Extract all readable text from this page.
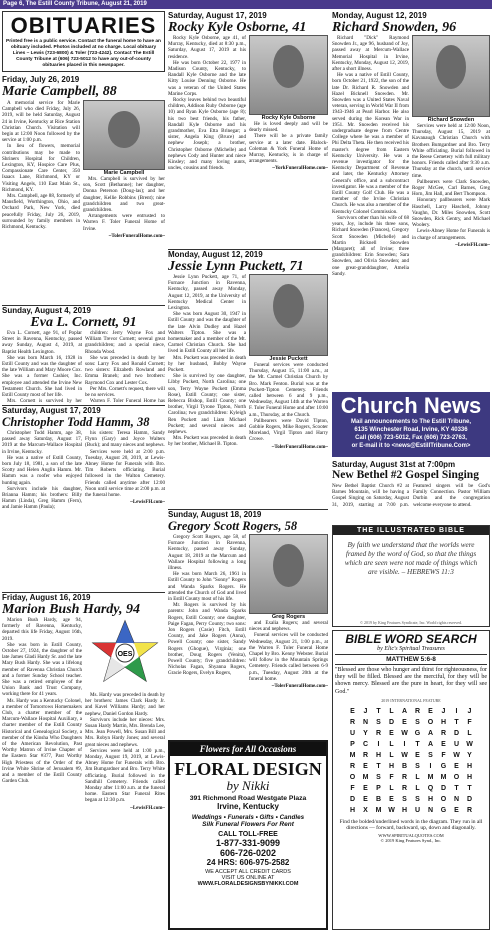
Page 6, The Estill County Tribune, August 21, 2019
OBITUARIES
Printed free is a public service. Contact the funeral home to have an obituary included. Photos included at no charge. Local obituary Lines – Lewis (723-6800) & Toler (723-4242). Contact The Estill County Tribune at (606) 723-5012 to have any out-of-county obituaries placed in this newspaper.
Friday, July 26, 2019
Marie Campbell, 88

A memorial service for Marie Campbell who died Friday, July 26, 2019, will be held Saturday, August 24 in Irvine, Kentucky at Rice Station Christian Church. Visitation will begin at 12:00 Noon followed by the service at 1:00 p.m.

In lieu of flowers, memorial contributions may be made to Shriners Hospital for Children, Lexington, KY, Hospice Care Plus, Compassionate Care Center, 350 Isaacs Lane, Richmond, KY or Visiting Angels, 110 East Main St., Richmond, KY.

Mrs. Campbell, age 88, formerly of Mansfield, Worthington, Ohio, and Orchard Park, New York, died peacefully Friday, July 26, 2019, surrounded by family members in Richmond, Kentucky.

Marie Campbell

Mrs. Campbell is survived by her son, Scott (Bethanne); her daughter, Donna Peterson (Doug-las); and her daughter, Kellie Robbins (Brent); nine grandchildren and two great-grandchildren.

Arrangements were entrusted to Warren F. Toler Funeral Home of Irvine.

~TolerFuneralHome.com~
Sunday, August 4, 2019
Eva L. Cornett, 91

Eva L. Cornett, age 91, of Poplar Street in Ravenna, Kentucky, passed away Sunday, August 4, 2019, at Baptist Health Lexington.

She was born March 16, 1928 in Estill County and was the daughter of the late William and Mary Moore Cox. She was a former Cashier, Inc. employee and attended the Irvine New Testament Church. She had lived in Estill County most of her life.

Mrs. Cornett is survived by her

children: Jerry Wayne Fox and William Trevor Cornett; several great grandchildren; and a special niece, Rhonda Wood.

She was preceded in death by her sons: Larry Fox and Ronald Cornett; two sisters: Elizabeth Rowland and Emma Braneh; and two brothers: Raymond Cox and Lester Cox.

Per Mrs. Cornett's request, there will be no services.

Warren F. Toler Funeral Home has

Saturday, August 17, 2019
Christopher Todd Hamm, 38

Christopher Todd Hamm, age 38, passed away Saturday, August 17, 2019 at the Marcum-Wallace Hospital in Irvine, Kentucky.

He was a native of Estill County, born July 18, 1981, a son of the late Scotty and Helen Anglin Hamm. Mr. Hamm was a roofer who enjoyed hunting again.

Survivors include his daughter, Brianna Hamm; his brothers: Billy Hamm (Linda), Greg Hamm (Fern), and Jamie Hamm (Paula);

his sisters: Teresa Hamm, Sandy Flynn (Gary) and Joyce Walters (Buck); and many nieces and nephews.

Services were held at 2:00 p.m. Tuesday, August 20, 2019, at Lewis-Abney Home for Funerals with Bro. Tim Roberts officiating. Burial followed in the Walton Cemetery. Friends called anytime after 12:00 Noon until service time at 2:00 p.m. at the funeral home.

~LewisFH.com~
Friday, August 16, 2019
Marion Bush Hardy, 94

Marion Bush Hardy, age 94, formerly of Ravenna, Kentucky, departed this life Friday, August 16th, 2019.

She was born in Estill County, October 27, 1924, the daughter of the late James Gladi Hardy Sr. and the late Mary Bush Hardy. She was a lifelong member of Ravenna Christian Church and a former Sunday School teacher. She was a retired employee of the Union Bank and Trust Company, working there for 41 years.

Ms. Hardy was a Kentucky Colonel, a member of Tomorrows Homemakers Club, a charter member of the Marcum-Wallace Hospital Auxiliary, a charter member of the Estill County Historical and Genealogical Society, a member of the Kinsha Who Daughters of the American Revolution, Past Worthy Matron of Irvine Chapter of the Eastern Star #377, Past Worthy High Priestess of the Order of the Irvine White Shrine of Jerusalem #9, and a member of the Estill County Garden Club.

OES

Ms. Hardy was preceded in death by her brothers: James Clark Hardy Jr. and Kavel Williams Hardy; and her nephew, Daniel Gordon Hardy.

Survivors include her nieces: Mrs. Susan Hardy Martin, Mrs. Brenda Lee, Mrs. Jean Powell, Mrs. Susan Bill and Mrs. Robyn Hardy Jones; and several great nieces and nephews.

Services were held at 1:00 p.m., Monday, August 19, 2019, at Lewis-Abney Home for Funerals with Bro. Jim Bumgardner and Bro. Terry White officiating. Burial followed in the Sandhill Cemetery. Friends called Monday after 11:00 a.m. at the funeral home. Eastern Star Funeral Rites began at 12:30 p.m.

~LewisFH.com~
Saturday, August 17, 2019
Rocky Kyle Osborne, 41

Rocky Kyle Osborne, age 41, of Murray, Kentucky, died at 8:30 p.m., Saturday, August 17, 2019 at his residence.

He was born October 22, 1977 in Madison County, Kentucky, to Randall Kyle Osborne and the late Kitty Louise Denning Osborne. He was a veteran of the United States Marine Corps.

Rocky leaves behind two beautiful children, Addison Ruby Osborne (age 10) and Ryan Kyle Osborne (age 8); his two best friends, his father, Randall Kyle Osborne and his grandmother, Eva Etta Brinegar; a sister, Angela King (Bruce) and nephew Joseph; a brother, Christopher Osborne (Michelle) and nephews Cody and Hunter and niece Kinsley; and many loving aunts, uncles, cousins and friends.

Rocky Kyle Osborne

He is loved deeply and will be dearly missed.

There will be a private family service at a later date. Blalock-Coleman & York Funeral Home of Murray, Kentucky, is in charge of arrangements.

~YorkFuneralHome.com~
Monday, August 12, 2019
Jessie Lynn Puckett, 71

Jessie Lynn Puckett, age 71, of Furnace Junction in Ravenna, Kentucky, passed away Monday, August 12, 2019, at the University of Kentucky Medical Center in Lexington.

She was born August 30, 1947 in Estill County and was the daughter of the late Alvin Dudley and Hazel Walters Tipton. She was a homemaker and a member of the Mt. Carmel Christian Church. She had lived in Estill County all her life.

Mrs. Puckett was preceded in death by her husband, Bobby Wayne Puckett.

She is survived by one daughter, Libby Puckett, North Carolina; one son, Terry Wayne Puckett (Emma Rose), Estill County; one sister, Rebecca Bishop, Estill County; one brother, Virgil Tyrone Tipton, North Carolina; two grandchildren: Kyleigh Ren Puckett and Liam Michael Puckett; and several nieces and nephews.

Mrs. Puckett was preceded in death by her brother, Michael B. Tipton.

Jessie Puckett

Funeral services were conducted Thursday, August 15, 11:00 a.m., at the Mt. Carmel Christian Church by Bro. Mark Fenton. Burial was at the Puckett-Tipton Cemetery. Friends called between 6 and 9 p.m., Wednesday, August 14th at the Warren F. Toler Funeral Home and after 10:00 a.m., Thursday, at the Church.

Pallbearers were David Tipton, Gobbie Rogers, Mike Rogers, Scooter Moreland, Virgil Tipton and Harry Crowe.

~TolerFuneralHome.com~
Sunday, August 18, 2019
Gregory Scott Rogers, 58

Gregory Scott Rogers, age 58, of Furnace Junction in Ravenna, Kentucky, passed away Sunday, August 18, 2019 at the Marcum and Wallace Hospital following a long illness.

He was born March 26, 1961 in Estill County to John "Sonny" Rogers and Wanda Sparks Rogers. He attended the Church of God and lived in Estill County most of his life.

Mr. Rogers is survived by his parents: John and Wanda Sparks Rogers, Estill County; one daughter, Paige Fagan, Perry County; two sons: Jon Rogers (Casie) Fitch, Estill County, and Jake Rogers (Anna), Powell County; one sister, Sandy Rogers (Ghogue), Virginia; one brother, Doug Rogers (Venita), Powell County; five grandchildren: Nicholas Fagan, Shyanna Rogers, Gracie Rogers, Evelyn Rogers,

Greg Rogers

and Exalia Rogers; and several nieces and nephews.

Funeral services will be conducted Wednesday, August 21, 1:00 p.m., at the Warren F. Toler Funeral Home Chapel by Bro. Kenny Webster. Burial will follow in the Mountain Springs Cemetery. Friends called between 6-9 p.m., Tuesday, August 20th at the funeral home.

~TolerFuneralHome.com~
Flowers for All Occasions
FLORAL DESIGN
by Nikki
391 Richmond Road Westgate Plaza
Irvine, Kentucky
Weddings • Funerals • Gifts • Candles
Silk Funeral Flowers For Rent
CALL TOLL-FREE
1-877-331-9099
606-726-0202
24 HRS: 606-975-2582
WE ACCEPT ALL CREDIT CARDS
VISIT US ONLINE AT
WWW.FLORALDESIGNSBYNIKKI.COM
Monday, August 12, 2019
Richard Snowden, 96

Richard "Dick" Raymond Snowden Jr., age 96, husband of Joy, passed away at Mercum-Wallace Memorial Hospital in Irvine, Kentucky, Monday, August 12, 2019, after a short illness.

He was a native of Estill County, born October 21, 1922, the son of the late Dr. Richard R. Snowden and Hazel Bicknell Snowden. Mr. Snowden was a United States Naval veteran, serving in World War II from 1943-1946 at Pearl Harbor. He also served during the Korean War in 1951. Mr. Snowden received his undergraduate degree from Centre College where he was a member of Phi Delta Theta. He then received his master's degree from Eastern Kentucky University. He was a revenue investigator for the Kentucky Department of Revenue and later, the Kentucky Attorney General's office, and a subcontract investigator. He was a member of the Estill County Golf Club. He was a member of the Irvine Christian Church. He was also a member of the Kentucky Colonel Commission.

Survivors other than his wife of 68 years, Joy, include his three sons, Richard Snowden (Frances), Gregory Scott Snowden (Michelle) and Martin Bicknell Snowden (Margaret); all of Irvine; three grandchildren: Erin Snowden; Sara Snowden, and Olivia Snowden; and one great-granddaughter, Amelia Sandy.

Richard Snowden

Services were held at 12:00 Noon, Thursday, August 15, 2019 at Kavanaugh Christian Church with Brothers Bumgardner and Bro. Terry White officiating. Burial followed in the Reese Cemetery with full military honors. Friends called after 9:30 a.m. Thursday at the church, until service time.

Pallbearers were Clark Snowden, Roger McGee, Carl Barnes, Greg Horn, Jim Hall, and Bert Thompson.

Honorary pallbearers were Mark Haschell, Larry Haschell, Johnny Vaughn, Dr. Miles Snowden, Scott Snowden, Rick Gentry, and Michael Woolery.

Lewis-Abney Home for Funerals is in charge of arrangements.

~LewisFH.com~
Church News
Mail announcements to The Estill Tribune,
6135 Winchester Road, Irvine, KY 40336
Call (606) 723-5012, Fax (606) 723-2763,
or E-mail it to <news@EstillTribune.Com>
Saturday, August 31st at 7:00pm
New Bethel #2 Gospel Singing
New Bethel Baptist Church #2 at Barnes Mountain, will be having a Gospel Singing on Saturday, August 31, 2019, starting at 7:00 p.m. Featured singers will be God's Family Connection. Pastor William Durbin and the congregation welcome everyone to attend.
THE ILLUSTRATED BIBLE
By faith we understand that the worlds were framed by the word of God, so that the things which are seen were not made of things which are visible. – HEBREWS 11:3
© 2019 by King Features Syndicate, Inc. World rights reserved.
BIBLE WORD SEARCH
by Elic's Spiritual Treasures
MATTHEW 5:6-8
"Blessed are those who hunger and thirst for righteousness, for they will be filled. Blessed are the merciful, for they will be shown mercy. Blessed are the pure in heart, for they will see God."
2019 INTERNATIONAL FEATURE
E	J	T	L	A	R	E	J	I	J
R	N	S	D	E	S	O	H	T	F
U	Y	R	E	W	G	A	R	D	L
P	C	I	L	I	T	A	E	U	W
M	R	H	L	W	E	S	F	W	Y
R	E	T	H	B	S	I	G	E	H
O	M	S	F	R	L	M	M	O	H
F	E	P	L	R	L	Q	D	T	T
D	E	B	E	S	S	H	O	N	D
H	X	M	W	H	U	N	G	E	R
Find the bolded/underlined words in the diagram. They run in all directions — forward, backward, up, down and diagonally.
WWW.SPIRITUALQUOTES.COM
© 2019 King Features Synd., Inc.
